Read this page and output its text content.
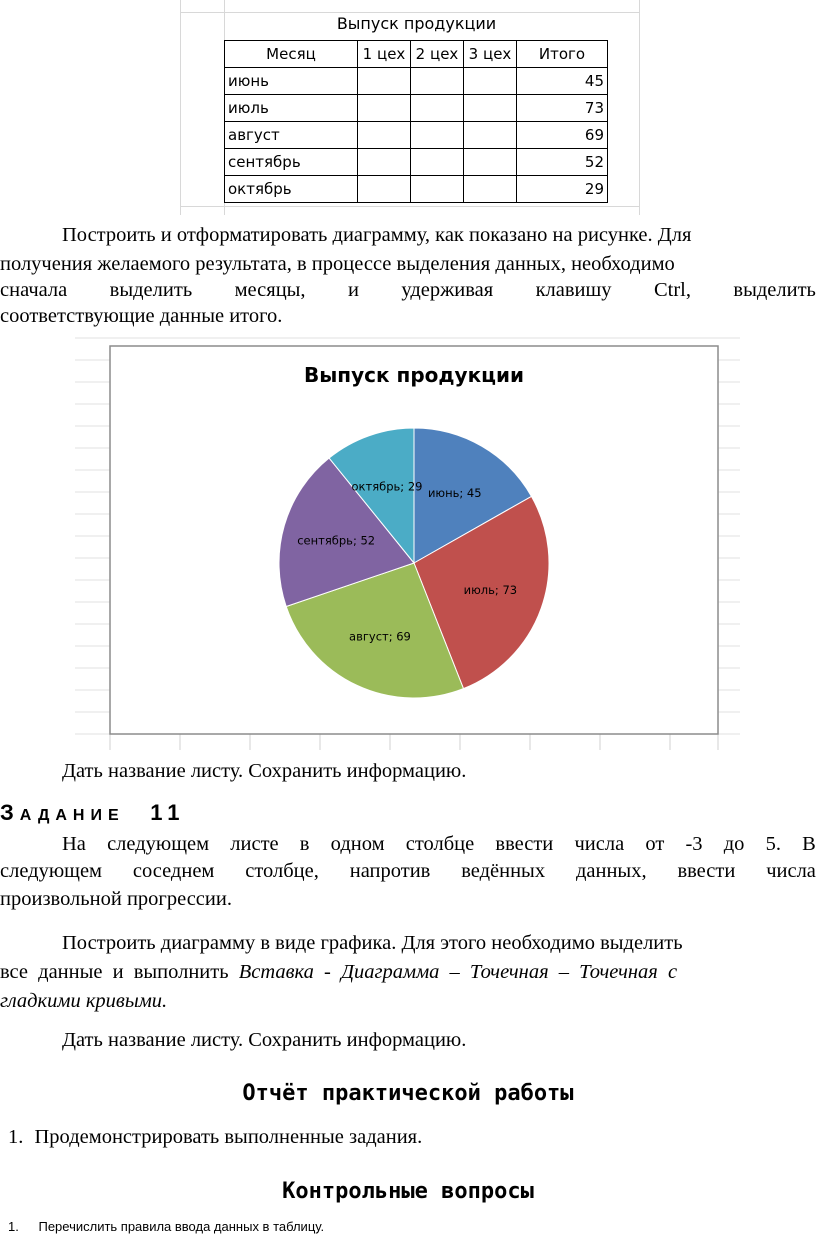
Выпуск продукции
Месяц	1 цех	2 цех	3 цех	Итого
июнь				45
июль				73
август				69
сентябрь				52
октябрь				29
Построить и отформатировать диаграмму, как показано на рисунке. Для
получения желаемого результата, в процессе выделения данных, необходимо
сначала выделить месяцы, и удерживая клавишу Ctrl, выделить
соответствующие данные итого.
Выпуск продукции
июнь; 45
июль; 73
август; 69
сентябрь; 52
октябрь; 29
Дать название листу. Сохранить информацию.
ЗАДАНИЕ 11
На следующем листе в одном столбце ввести числа от -3 до 5. В
следующем соседнем столбце, напротив ведённых данных, ввести числа
произвольной прогрессии.
Построить диаграмму в виде графика. Для этого необходимо выделить
все данные и выполнить Вставка - Диаграмма – Точечная – Точечная с
гладкими кривыми.
Дать название листу. Сохранить информацию.
Отчёт практической работы
1. Продемонстрировать выполненные задания.
Контрольные вопросы
1. Перечислить правила ввода данных в таблицу.
